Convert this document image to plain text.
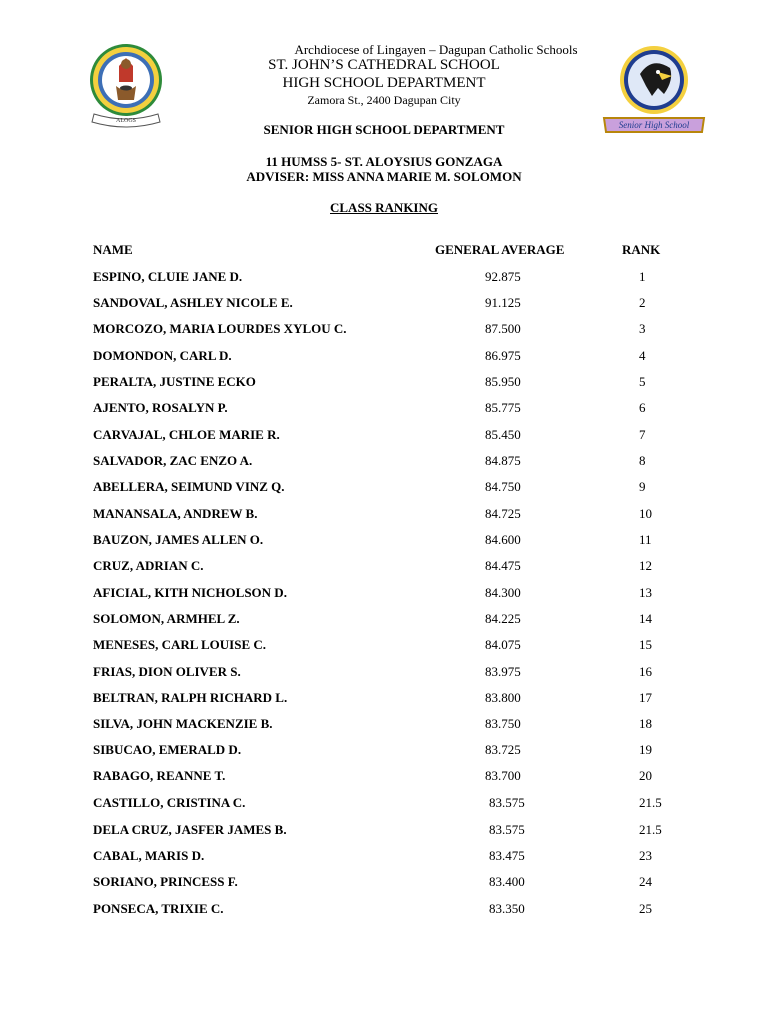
ALOGS	Senior High School
Archdiocese of Lingayen – Dagupan Catholic Schools
ST. JOHN’S CATHEDRAL SCHOOL
HIGH SCHOOL DEPARTMENT
Zamora St., 2400 Dagupan City
SENIOR HIGH SCHOOL DEPARTMENT
11 HUMSS 5- ST. ALOYSIUS GONZAGA
ADVISER: MISS ANNA MARIE M. SOLOMON
CLASS RANKING
NAME	GENERAL AVERAGE	RANK
ESPINO, CLUIE JANE D.	92.875	1
SANDOVAL, ASHLEY NICOLE E.	91.125	2
MORCOZO, MARIA LOURDES XYLOU C.	87.500	3
DOMONDON, CARL D.	86.975	4
PERALTA, JUSTINE ECKO	85.950	5
AJENTO, ROSALYN P.	85.775	6
CARVAJAL, CHLOE MARIE R.	85.450	7
SALVADOR, ZAC ENZO A.	84.875	8
ABELLERA, SEIMUND VINZ Q.	84.750	9
MANANSALA, ANDREW B.	84.725	10
BAUZON, JAMES ALLEN O.	84.600	11
CRUZ, ADRIAN C.	84.475	12
AFICIAL, KITH NICHOLSON D.	84.300	13
SOLOMON, ARMHEL Z.	84.225	14
MENESES, CARL LOUISE C.	84.075	15
FRIAS, DION OLIVER S.	83.975	16
BELTRAN, RALPH RICHARD L.	83.800	17
SILVA, JOHN MACKENZIE B.	83.750	18
SIBUCAO, EMERALD D.	83.725	19
RABAGO, REANNE T.	83.700	20
CASTILLO, CRISTINA C.	83.575	21.5
DELA CRUZ, JASFER JAMES B.	83.575	21.5
CABAL, MARIS D.	83.475	23
SORIANO, PRINCESS F.	83.400	24
PONSECA, TRIXIE C.	83.350	25
